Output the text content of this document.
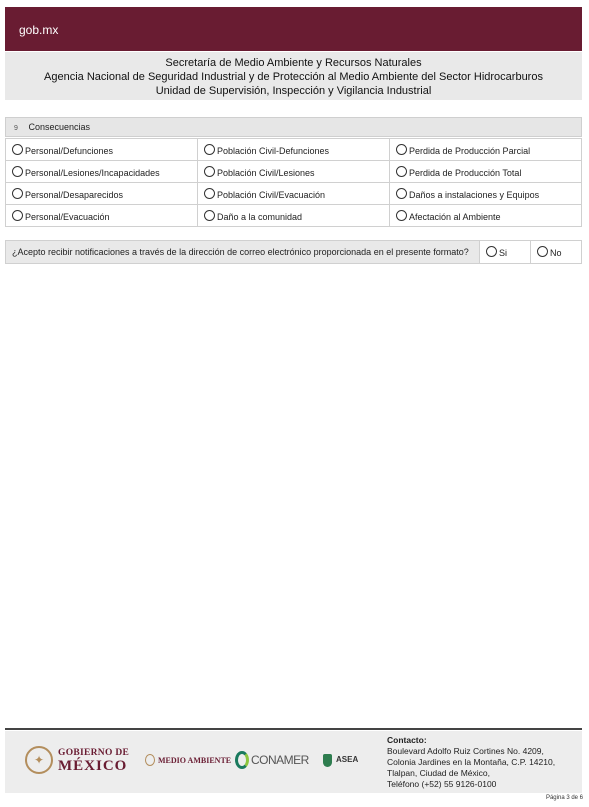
gob.mx
Secretaría de Medio Ambiente y Recursos Naturales
Agencia Nacional de Seguridad Industrial y de Protección al Medio Ambiente del Sector Hidrocarburos
Unidad de Supervisión, Inspección y Vigilancia Industrial
9 Consecuencias
Personal/Defunciones	Población Civil-Defunciones	Perdida de Producción Parcial
Personal/Lesiones/Incapacidades	Población Civil/Lesiones	Perdida de Producción Total
Personal/Desaparecidos	Población Civil/Evacuación	Daños a instalaciones y Equipos
Personal/Evacuación	Daño a la comunidad	Afectación al Ambiente
¿Acepto recibir notificaciones a través de la dirección de correo electrónico proporcionada en el presente formato?	Si	No
✦	GOBIERNO DE
MÉXICO	MEDIO AMBIENTE CONAMER	ASEA
Contacto:
Boulevard Adolfo Ruiz Cortines No. 4209,
Colonia Jardines en la Montaña, C.P. 14210,
Tlalpan, Ciudad de México,
Teléfono (+52) 55 9126-0100
Página 3 de 6
